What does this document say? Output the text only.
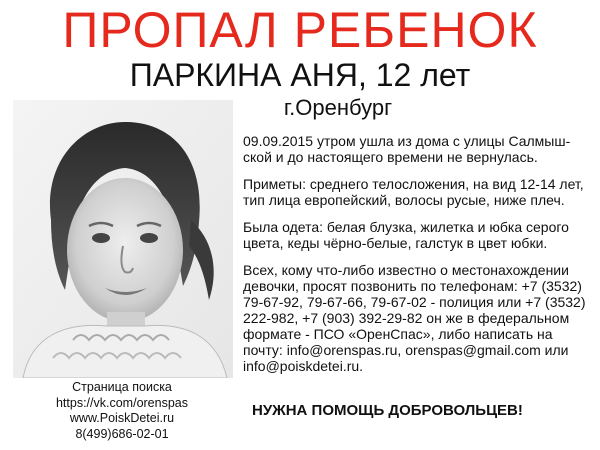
ПРОПАЛ РЕБЕНОК
ПАРКИНА АНЯ, 12 лет
г.Оренбург

09.09.2015 утром ушла из дома с улицы Салмыш-ской и до настоящего времени не вернулась.

Приметы: среднего телосложения, на вид 12-14 лет, тип лица европейский, волосы русые, ниже плеч.

Была одета: белая блузка, жилетка и юбка серого цвета, кеды чёрно-белые, галстук в цвет юбки.

Всех, кому что-либо известно о местонахождении девочки, просят позвонить по телефонам: +7 (3532) 79-67-92, 79-67-66, 79-67-02 - полиция или +7 (3532) 222-982, +7 (903) 392-29-82 он же в федеральном формате - ПСО «ОренСпас», либо написать на почту: info@orenspas.ru, orenspas@gmail.com или info@poiskdetei.ru.

Страница поиска
https://vk.com/orenspas
www.PoiskDetei.ru
8(499)686-02-01
НУЖНА ПОМОЩЬ ДОБРОВОЛЬЦЕВ!
